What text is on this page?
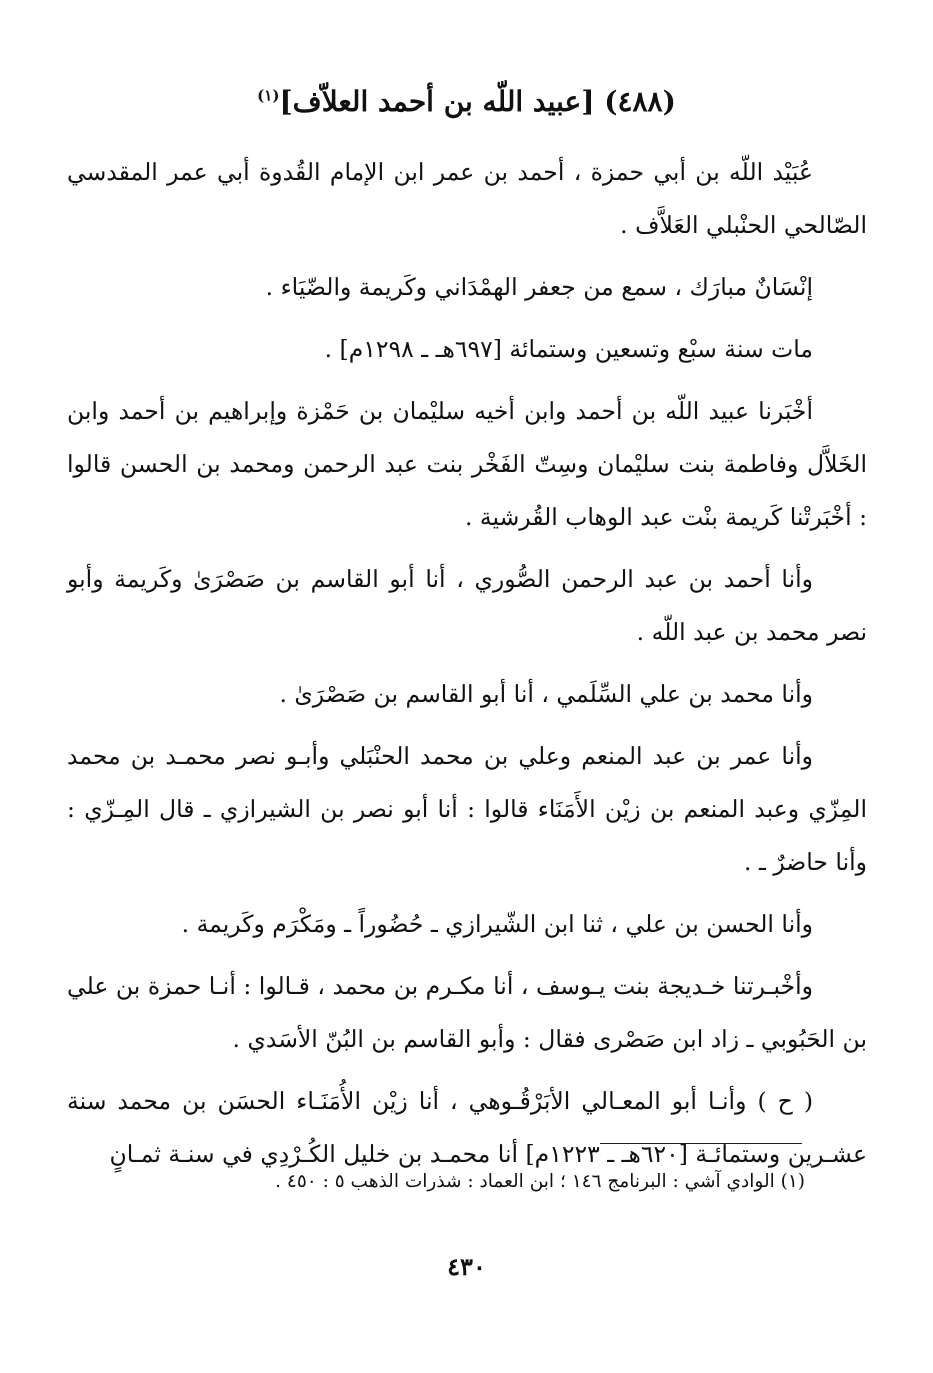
(٤٨٨) [عبيد اللّه بن أحمد العلاّف]$^{(١)}$

عُبَيْد اللّه بن أبي حمزة ، أحمد بن عمر ابن الإمام القُدوة أبي عمر المقدسي الصّالحي الحنْبلي العَلاَّف .

إنْسَانٌ مبارَك ، سمع من جعفر الهمْدَاني وكَريمة والضّيَاء .

مات سنة سبْع وتسعين وستمائة [٦٩٧هـ ـ ١٢٩٨م] .

أخْبَرنا عبيد اللّه بن أحمد وابن أخيه سليْمان بن حَمْزة وإبراهيم بن أحمد وابن الخَلاَّل وفاطمة بنت سليْمان وسِتّ الفَخْر بنت عبد الرحمن ومحمد بن الحسن قالوا : أخْبَرتْنا كَريمة بنْت عبد الوهاب القُرشية .

وأنا أحمد بن عبد الرحمن الصُّوري ، أنا أبو القاسم بن صَصْرَىٰ وكَريمة وأبو نصر محمد بن عبد اللّه .

وأنا محمد بن علي السِّلَمي ، أنا أبو القاسم بن صَصْرَىٰ .

وأنا عمر بن عبد المنعم وعلي بن محمد الحنْبَلي وأبـو نصر محمـد بن محمد المِزّي وعبد المنعم بن زيْن الأَمَنَاء قالوا : أنا أبو نصر بن الشيرازي ـ قال المِـزّي : وأنا حاضرٌ ـ .

وأنا الحسن بن علي ، ثنا ابن الشّيرازي ـ حُضُوراً ـ ومَكْرَم وكَريمة .

وأخْبـرتنا خـديجة بنت يـوسف ، أنا مكـرم بن محمد ، قـالوا : أنـا حمزة بن علي بن الحَبُوبي ـ زاد ابن صَصْرى فقال : وأبو القاسم بن البُنّ الأسَدي .

( ح ) وأنـا أبو المعـالي الأبَرْقُـوهي ، أنا زيْن الأُمَنَـاء الحسَن بن محمد سنة عشـرين وستمائـة [٦٢٠هـ ـ ١٢٢٣م] أنا محمـد بن خليل الكُـرْدِي في سنـة ثمـانٍ

(١) الوادي آشي : البرنامج ١٤٦ ؛ ابن العماد : شذرات الذهب ٥ : ٤٥٠ .
٤٣٠
